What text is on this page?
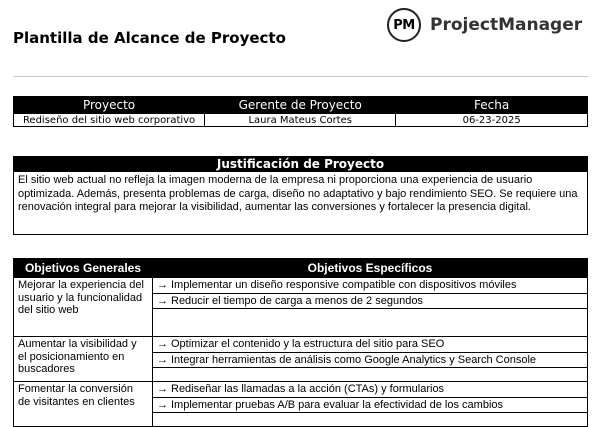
Plantilla de Alcance de Proyecto
PM ProjectManager
Proyecto	Gerente de Proyecto	Fecha
Rediseño del sitio web corporativo	Laura Mateus Cortes	06-23-2025
Justificación de Proyecto
El sitio web actual no refleja la imagen moderna de la empresa ni proporciona una experiencia de usuario optimizada. Además, presenta problemas de carga, diseño no adaptativo y bajo rendimiento SEO. Se requiere una renovación integral para mejorar la visibilidad, aumentar las conversiones y fortalecer la presencia digital.
Objetivos Generales	Objetivos Específicos
Mejorar la experiencia del usuario y la funcionalidad del sitio web	→ Implementar un diseño responsive compatible con dispositivos móviles
	→ Reducir el tiempo de carga a menos de 2 segundos

Aumentar la visibilidad y el posicionamiento en buscadores	→ Optimizar el contenido y la estructura del sitio para SEO
	→ Integrar herramientas de análisis como Google Analytics y Search Console

Fomentar la conversión de visitantes en clientes	→ Rediseñar las llamadas a la acción (CTAs) y formularios
	→ Implementar pruebas A/B para evaluar la efectividad de los cambios
